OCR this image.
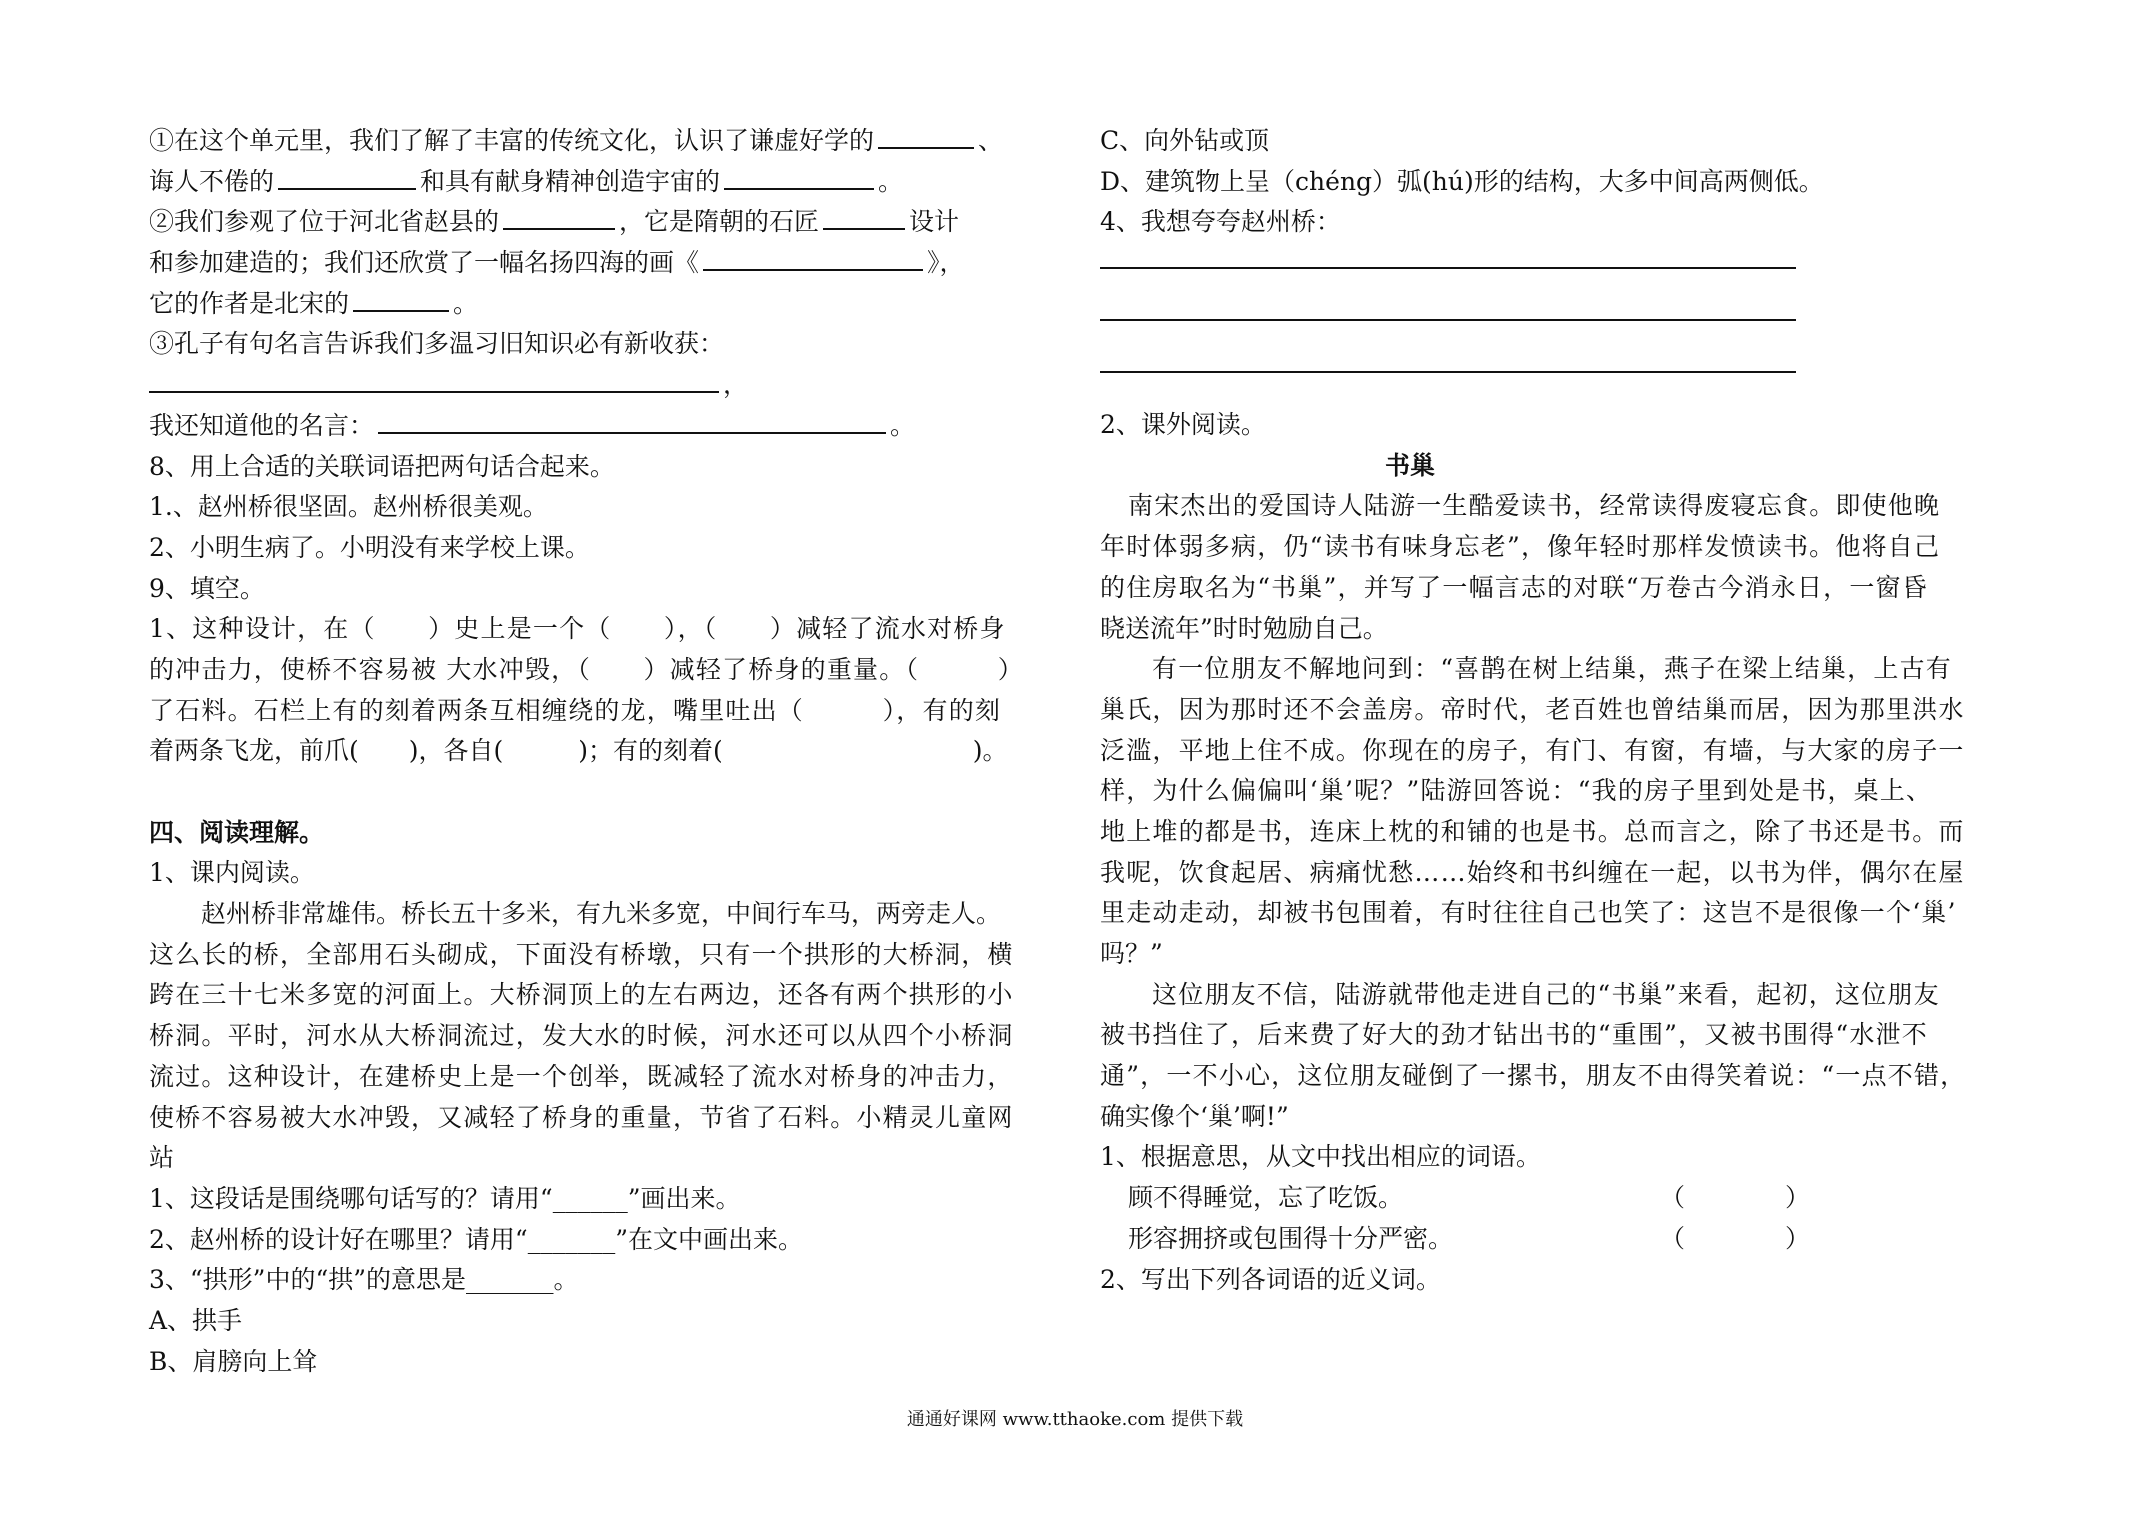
①在这个单元里，我们了解了丰富的传统文化，认识了谦虚好学的	、
诲人不倦的	和具有献身精神创造宇宙的	。
②我们参观了位于河北省赵县的	，它是隋朝的石匠	设计
和参加建造的；我们还欣赏了一幅名扬四海的画《	》，
它的作者是北宋的	。
③孔子有句名言告诉我们多温习旧知识必有新收获：
，
我还知道他的名言：	。
8、用上合适的关联词语把两句话合起来。
1.、赵州桥很坚固。赵州桥很美观。
2、小明生病了。小明没有来学校上课。
9、填空。
1、这种设计，在（　　）史上是一个（　　），（　　）减轻了流水对桥身
的冲击力，使桥不容易被 大水冲毁，（　　）减轻了桥身的重量。（　　　）
了石料。石栏上有的刻着两条互相缠绕的龙，嘴里吐出（　　　），有的刻
着两条飞龙，前爪(　　)，各自(　　　)；有的刻着(　　　　　　　　　　)。
四、阅读理解。
1、课内阅读。
赵州桥非常雄伟。桥长五十多米，有九米多宽，中间行车马，两旁走人。
这么长的桥，全部用石头砌成，下面没有桥墩，只有一个拱形的大桥洞，横
跨在三十七米多宽的河面上。大桥洞顶上的左右两边，还各有两个拱形的小
桥洞。平时，河水从大桥洞流过，发大水的时候，河水还可以从四个小桥洞
流过。这种设计，在建桥史上是一个创举，既减轻了流水对桥身的冲击力，
使桥不容易被大水冲毁，又减轻了桥身的重量，节省了石料。小精灵儿童网
站
1、这段话是围绕哪句话写的？请用“______”画出来。
2、赵州桥的设计好在哪里？请用“_______”在文中画出来。
3、“拱形”中的“拱”的意思是_______。
A、拱手
B、肩膀向上耸
C、向外钻或顶
D、建筑物上呈（chéng）弧(hú)形的结构，大多中间高两侧低。
4、我想夸夸赵州桥：
2、课外阅读。
书巢
南宋杰出的爱国诗人陆游一生酷爱读书，经常读得废寝忘食。即使他晚
年时体弱多病，仍“读书有味身忘老”，像年轻时那样发愤读书。他将自己
的住房取名为“书巢”，并写了一幅言志的对联“万卷古今消永日，一窗昏
晓送流年”时时勉励自己。
有一位朋友不解地问到：“喜鹊在树上结巢，燕子在梁上结巢，上古有
巢氏，因为那时还不会盖房。帝时代，老百姓也曾结巢而居，因为那里洪水
泛滥，平地上住不成。你现在的房子，有门、有窗，有墙，与大家的房子一
样，为什么偏偏叫‘巢’呢？”陆游回答说：“我的房子里到处是书，桌上、
地上堆的都是书，连床上枕的和铺的也是书。总而言之，除了书还是书。而
我呢，饮食起居、病痛忧愁……始终和书纠缠在一起，以书为伴，偶尔在屋
里走动走动，却被书包围着，有时往往自己也笑了：这岂不是很像一个‘巢’
吗？”
这位朋友不信，陆游就带他走进自己的“书巢”来看，起初，这位朋友
被书挡住了，后来费了好大的劲才钻出书的“重围”，又被书围得“水泄不
通”，一不小心，这位朋友碰倒了一摞书，朋友不由得笑着说：“一点不错，
确实像个‘巢’啊!”
1、根据意思，从文中找出相应的词语。
顾不得睡觉，忘了吃饭。	（　　　　）
形容拥挤或包围得十分严密。	（　　　　）
2、写出下列各词语的近义词。
通通好课网 www.tthaoke.com 提供下载
